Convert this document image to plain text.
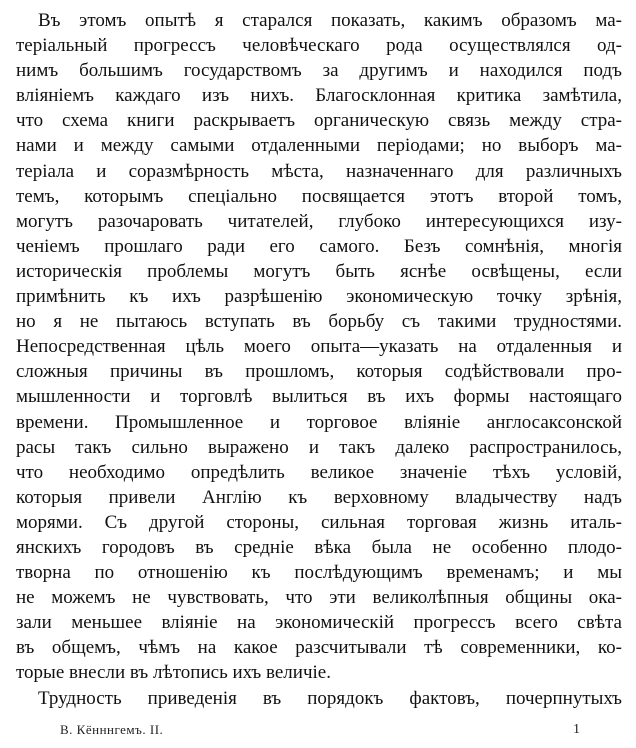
Въ этомъ опытѣ я старался показать, какимъ образомъ ма-
теріальный прогрессъ человѣческаго рода осуществлялся од-
нимъ большимъ государствомъ за другимъ и находился подъ
вліяніемъ каждаго изъ нихъ. Благосклонная критика замѣтила,
что схема книги раскрываетъ органическую связь между стра-
нами и между самыми отдаленными періодами; но выборъ ма-
теріала и соразмѣрность мѣста, назначеннаго для различныхъ
темъ, которымъ спеціально посвящается этотъ второй томъ,
могутъ разочаровать читателей, глубоко интересующихся изу-
ченіемъ прошлаго ради его самого. Безъ сомнѣнія, многія
историческія проблемы могутъ быть яснѣе освѣщены, если
примѣнить къ ихъ разрѣшенію экономическую точку зрѣнія,
но я не пытаюсь вступать въ борьбу съ такими трудностями.
Непосредственная цѣль моего опыта—указать на отдаленныя и
сложныя причины въ прошломъ, которыя содѣйствовали про-
мышленности и торговлѣ вылиться въ ихъ формы настоящаго
времени. Промышленное и торговое вліяніе англосаксонской
расы такъ сильно выражено и такъ далеко распространилось,
что необходимо опредѣлить великое значеніе тѣхъ условій,
которыя привели Англію къ верховному владычеству надъ
морями. Съ другой стороны, сильная торговая жизнь италь-
янскихъ городовъ въ средніе вѣка была не особенно плодо-
творна по отношенію къ послѣдующимъ временамъ; и мы
не можемъ не чувствовать, что эти великолѣпныя общины ока-
зали меньшее вліяніе на экономическій прогрессъ всего свѣта
въ общемъ, чѣмъ на какое разсчитывали тѣ современники, ко-
торые внесли въ лѣтопись ихъ величіе.
Трудность приведенія въ порядокъ фактовъ, почерпнутыхъ
В. Кённнгемъ. II.	1
